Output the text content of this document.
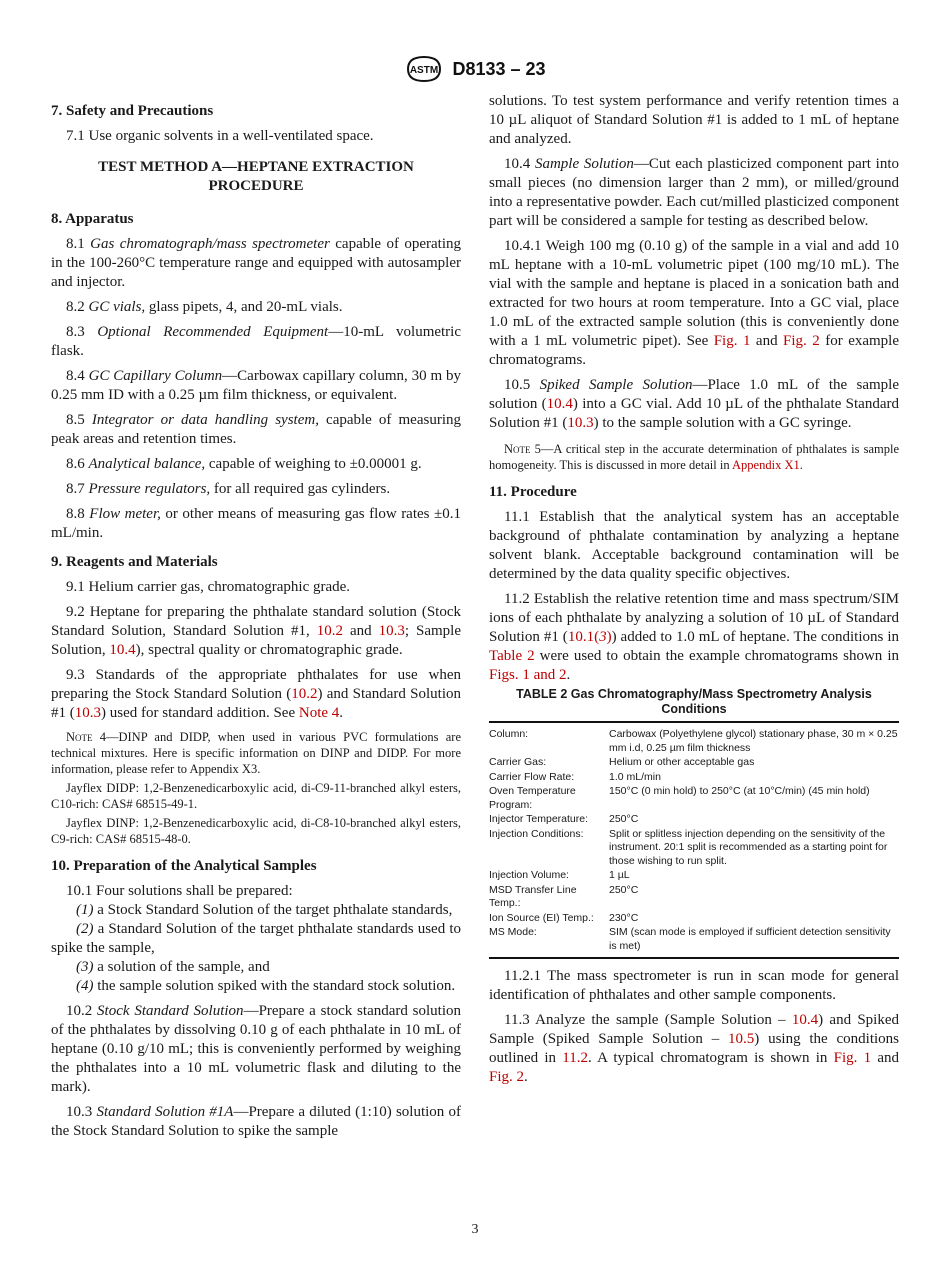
ASTM D8133 – 23
7. Safety and Precautions

7.1 Use organic solvents in a well-ventilated space.

TEST METHOD A—HEPTANE EXTRACTION
PROCEDURE
8. Apparatus

8.1 Gas chromatograph/mass spectrometer capable of operating in the 100-260°C temperature range and equipped with autosampler and injector.

8.2 GC vials, glass pipets, 4, and 20-mL vials.

8.3 Optional Recommended Equipment—10-mL volumetric flask.

8.4 GC Capillary Column—Carbowax capillary column, 30 m by 0.25 mm ID with a 0.25 µm film thickness, or equivalent.

8.5 Integrator or data handling system, capable of measuring peak areas and retention times.

8.6 Analytical balance, capable of weighing to ±0.00001 g.

8.7 Pressure regulators, for all required gas cylinders.

8.8 Flow meter, or other means of measuring gas flow rates ±0.1 mL/min.

9. Reagents and Materials

9.1 Helium carrier gas, chromatographic grade.

9.2 Heptane for preparing the phthalate standard solution (Stock Standard Solution, Standard Solution #1, 10.2 and 10.3; Sample Solution, 10.4), spectral quality or chromatographic grade.

9.3 Standards of the appropriate phthalates for use when preparing the Stock Standard Solution (10.2) and Standard Solution #1 (10.3) used for standard addition. See Note 4.

Note 4—DINP and DIDP, when used in various PVC formulations are technical mixtures. Here is specific information on DINP and DIDP. For more information, please refer to Appendix X3.

Jayflex DIDP: 1,2-Benzenedicarboxylic acid, di-C9-11-branched alkyl esters, C10-rich: CAS# 68515-49-1.

Jayflex DINP: 1,2-Benzenedicarboxylic acid, di-C8-10-branched alkyl esters, C9-rich: CAS# 68515-48-0.

10. Preparation of the Analytical Samples

10.1 Four solutions shall be prepared:

(1) a Stock Standard Solution of the target phthalate standards,

(2) a Standard Solution of the target phthalate standards used to spike the sample,

(3) a solution of the sample, and

(4) the sample solution spiked with the standard stock solution.

10.2 Stock Standard Solution—Prepare a stock standard solution of the phthalates by dissolving 0.10 g of each phthalate in 10 mL of heptane (0.10 g/10 mL; this is conveniently performed by weighing the phthalates into a 10 mL volumetric flask and diluting to the mark).

10.3 Standard Solution #1A—Prepare a diluted (1:10) solution of the Stock Standard Solution to spike the sample

solutions. To test system performance and verify retention times a 10 µL aliquot of Standard Solution #1 is added to 1 mL of heptane and analyzed.

10.4 Sample Solution—Cut each plasticized component part into small pieces (no dimension larger than 2 mm), or milled/ground into a representative powder. Each cut/milled plasticized component part will be considered a sample for testing as described below.

10.4.1 Weigh 100 mg (0.10 g) of the sample in a vial and add 10 mL heptane with a 10-mL volumetric pipet (100 mg/10 mL). The vial with the sample and heptane is placed in a sonication bath and extracted for two hours at room temperature. Into a GC vial, place 1.0 mL of the extracted sample solution (this is conveniently done with a 1 mL volumetric pipet). See Fig. 1 and Fig. 2 for example chromatograms.

10.5 Spiked Sample Solution—Place 1.0 mL of the sample solution (10.4) into a GC vial. Add 10 µL of the phthalate Standard Solution #1 (10.3) to the sample solution with a GC syringe.

Note 5—A critical step in the accurate determination of phthalates is sample homogeneity. This is discussed in more detail in Appendix X1.

11. Procedure

11.1 Establish that the analytical system has an acceptable background of phthalate contamination by analyzing a heptane solvent blank. Acceptable background contamination will be determined by the data quality specific objectives.

11.2 Establish the relative retention time and mass spectrum/SIM ions of each phthalate by analyzing a solution of 10 µL of Standard Solution #1 (10.1(3)) added to 1.0 mL of heptane. The conditions in Table 2 were used to obtain the example chromatograms shown in Figs. 1 and 2.

TABLE 2 Gas Chromatography/Mass Spectrometry Analysis
Conditions

Column:	Carbowax (Polyethylene glycol) stationary phase, 30 m × 0.25 mm i.d, 0.25 µm film thickness
Carrier Gas:	Helium or other acceptable gas
Carrier Flow Rate:	1.0 mL/min
Oven Temperature Program:	150°C (0 min hold) to 250°C (at 10°C/min) (45 min hold)
Injector Temperature:	250°C
Injection Conditions:	Split or splitless injection depending on the sensitivity of the instrument. 20:1 split is recommended as a starting point for those wishing to run split.
Injection Volume:	1 µL
MSD Transfer Line Temp.:	250°C
Ion Source (EI) Temp.:	230°C
MS Mode:	SIM (scan mode is employed if sufficient detection sensitivity is met)

11.2.1 The mass spectrometer is run in scan mode for general identification of phthalates and other sample components.

11.3 Analyze the sample (Sample Solution – 10.4) and Spiked Sample (Spiked Sample Solution – 10.5) using the conditions outlined in 11.2. A typical chromatogram is shown in Fig. 1 and Fig. 2.

3
